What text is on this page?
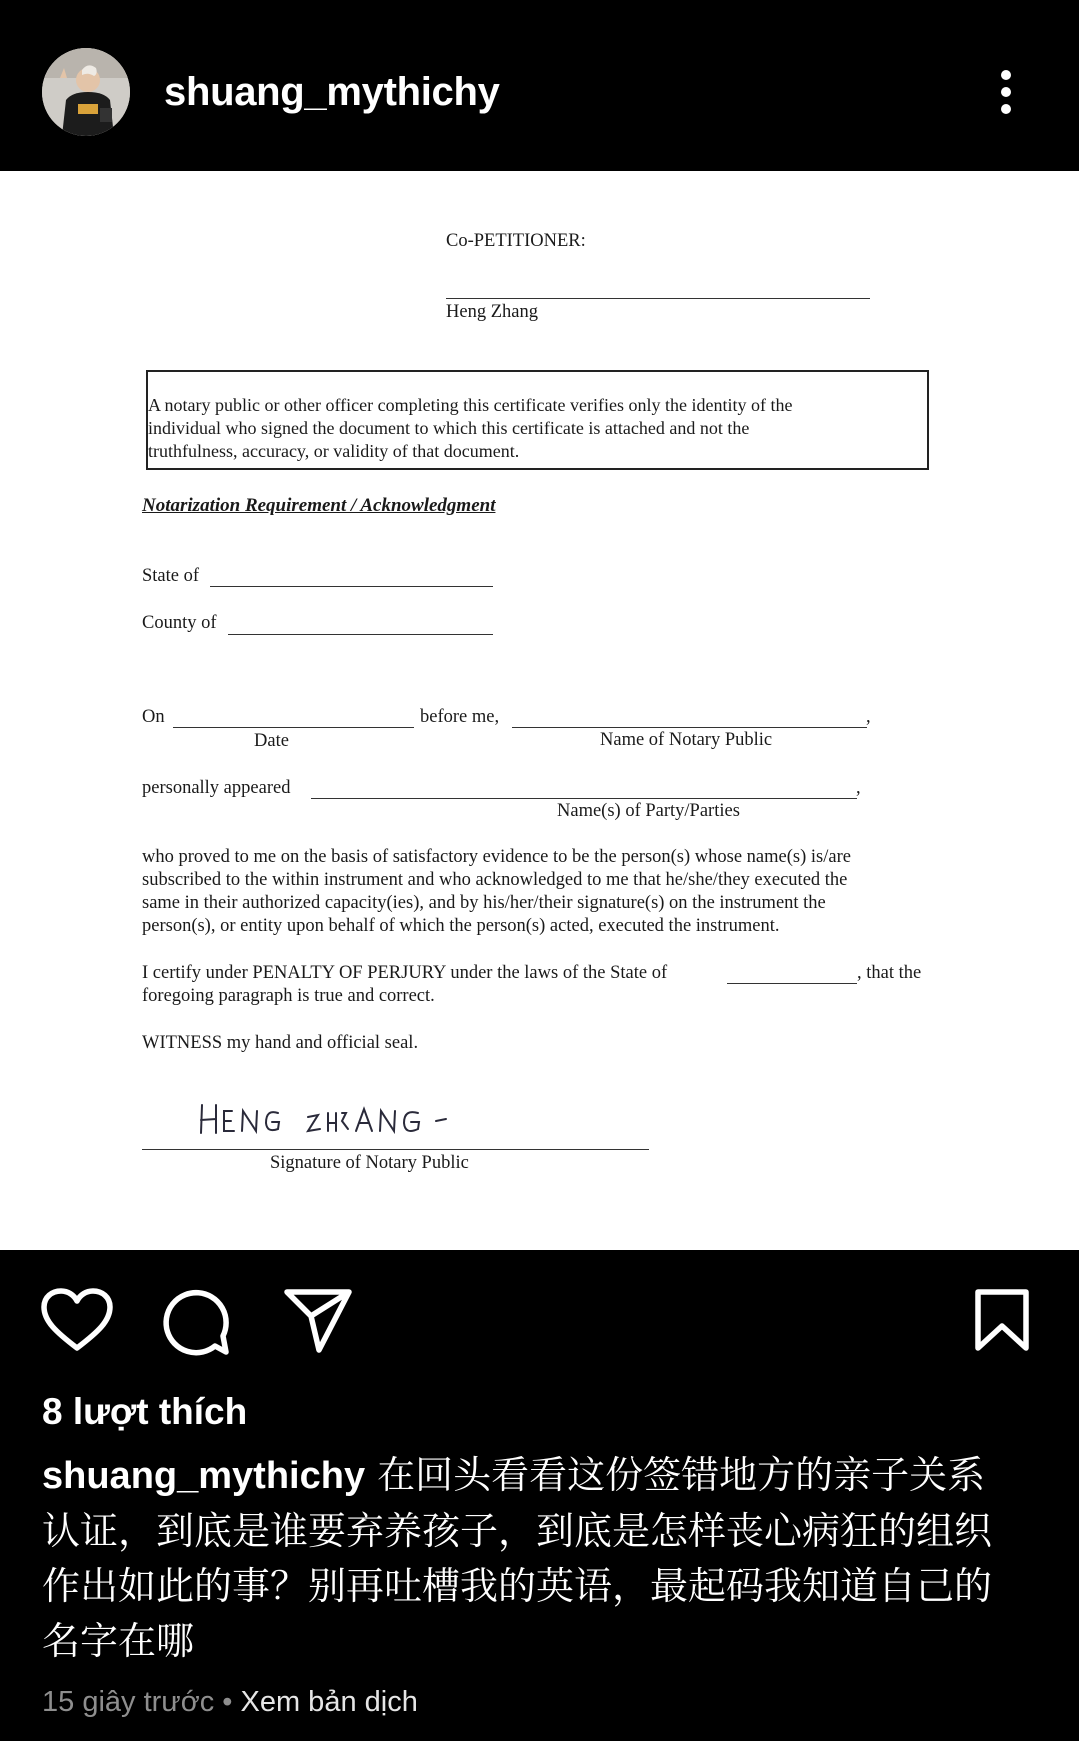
shuang_mythichy
Co-PETITIONER:
Heng Zhang
A notary public or other officer completing this certificate verifies only the identity of the
individual who signed the document to which this certificate is attached and not the
truthfulness, accuracy, or validity of that document.
Notarization Requirement / Acknowledgment
State of
County of
On	before me,	,
Date	Name of Notary Public
personally appeared	,
Name(s) of Party/Parties
who proved to me on the basis of satisfactory evidence to be the person(s) whose name(s) is/are
subscribed to the within instrument and who acknowledged to me that he/she/they executed the
same in their authorized capacity(ies), and by his/her/their signature(s) on the instrument the
person(s), or entity upon behalf of which the person(s) acted, executed the instrument.
I certify under PENALTY OF PERJURY under the laws of the State of	, that the
foregoing paragraph is true and correct.
WITNESS my hand and official seal.
Signature of Notary Public
8 lượt thích
shuang_mythichy 在回头看看这份签错地方的亲子关系认证，到底是谁要弃养孩子，到底是怎样丧心病狂的组织作出如此的事？别再吐槽我的英语，最起码我知道自己的名字在哪
15 giây trước • Xem bản dịch
